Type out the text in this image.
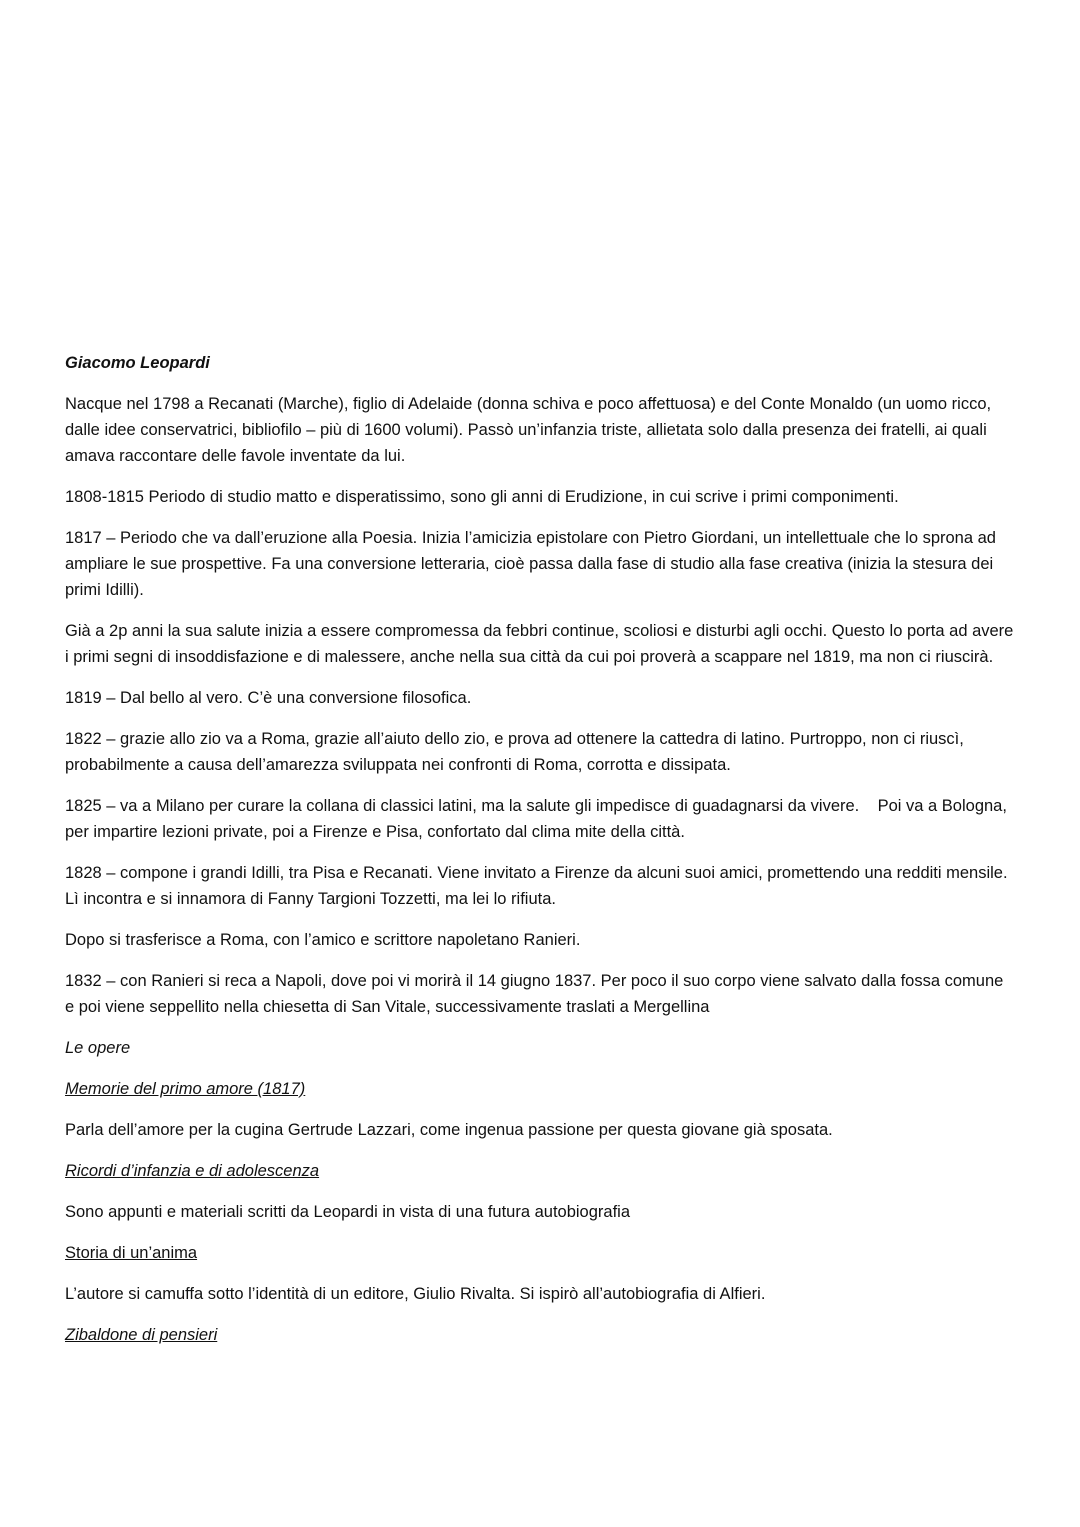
Giacomo Leopardi

Nacque nel 1798 a Recanati (Marche), figlio di Adelaide (donna schiva e poco affettuosa) e del Conte Monaldo (un uomo ricco, dalle idee conservatrici, bibliofilo – più di 1600 volumi). Passò un’infanzia triste, allietata solo dalla presenza dei fratelli, ai quali amava raccontare delle favole inventate da lui.

1808-1815 Periodo di studio matto e disperatissimo, sono gli anni di Erudizione, in cui scrive i primi componimenti.

1817 – Periodo che va dall’eruzione alla Poesia. Inizia l’amicizia epistolare con Pietro Giordani, un intellettuale che lo sprona ad ampliare le sue prospettive. Fa una conversione letteraria, cioè passa dalla fase di studio alla fase creativa (inizia la stesura dei primi Idilli).

Già a 2p anni la sua salute inizia a essere compromessa da febbri continue, scoliosi e disturbi agli occhi. Questo lo porta ad avere i primi segni di insoddisfazione e di malessere, anche nella sua città da cui poi proverà a scappare nel 1819, ma non ci riuscirà.

1819 – Dal bello al vero. C’è una conversione filosofica.

1822 – grazie allo zio va a Roma, grazie all’aiuto dello zio, e prova ad ottenere la cattedra di latino. Purtroppo, non ci riuscì, probabilmente a causa dell’amarezza sviluppata nei confronti di Roma, corrotta e dissipata.

1825 – va a Milano per curare la collana di classici latini, ma la salute gli impedisce di guadagnarsi da vivere.    Poi va a Bologna, per impartire lezioni private, poi a Firenze e Pisa, confortato dal clima mite della città.

1828 – compone i grandi Idilli, tra Pisa e Recanati. Viene invitato a Firenze da alcuni suoi amici, promettendo una redditi mensile. Lì incontra e si innamora di Fanny Targioni Tozzetti, ma lei lo rifiuta.

Dopo si trasferisce a Roma, con l’amico e scrittore napoletano Ranieri.

1832 – con Ranieri si reca a Napoli, dove poi vi morirà il 14 giugno 1837. Per poco il suo corpo viene salvato dalla fossa comune e poi viene seppellito nella chiesetta di San Vitale, successivamente traslati a Mergellina

Le opere

Memorie del primo amore (1817)

Parla dell’amore per la cugina Gertrude Lazzari, come ingenua passione per questa giovane già sposata.

Ricordi d’infanzia e di adolescenza

Sono appunti e materiali scritti da Leopardi in vista di una futura autobiografia

Storia di un’anima

L’autore si camuffa sotto l’identità di un editore, Giulio Rivalta. Si ispirò all’autobiografia di Alfieri.

Zibaldone di pensieri
